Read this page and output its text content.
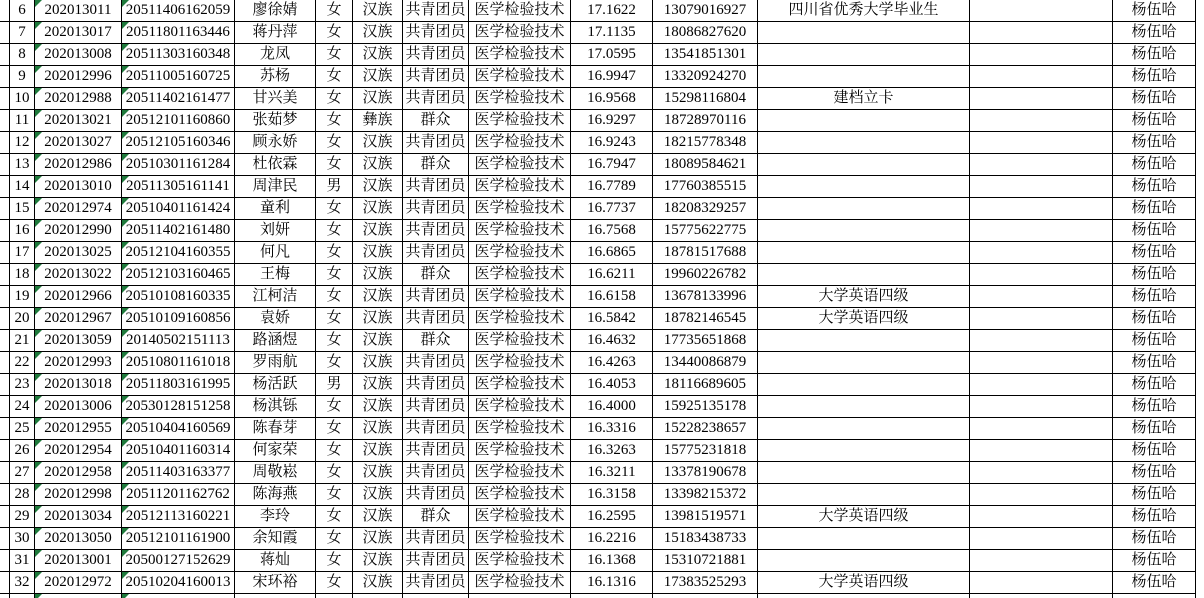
6 202013011 20511406162059 廖徐婧 女 汉族 共青团员 医学检验技术 17.1622 13079016927	四川省优秀大学毕业生	杨伍哈
7 202013017 20511801163446 蒋丹萍 女 汉族 共青团员 医学检验技术 17.1135 18086827620	杨伍哈
8 202013008 20511303160348 龙凤 女 汉族 共青团员 医学检验技术 17.0595 13541851301	杨伍哈
9 202012996 20511005160725 苏杨 女 汉族 共青团员 医学检验技术 16.9947 13320924270	杨伍哈
10 202012988 20511402161477 甘兴美 女 汉族 共青团员 医学检验技术 16.9568 15298116804	建档立卡	杨伍哈
11 202013021 20512101160860 张茹梦 女 彝族 群众 医学检验技术 16.9297 18728970116	杨伍哈
12 202013027 20512105160346 顾永娇 女 汉族 共青团员 医学检验技术 16.9243 18215778348	杨伍哈
13 202012986 20510301161284 杜依霖 女 汉族 群众 医学检验技术 16.7947 18089584621	杨伍哈
14 202013010 20511305161141 周津民 男 汉族 共青团员 医学检验技术 16.7789 17760385515	杨伍哈
15 202012974 20510401161424 童利 女 汉族 共青团员 医学检验技术 16.7737 18208329257	杨伍哈
16 202012990 20511402161480 刘妍 女 汉族 共青团员 医学检验技术 16.7568 15775622775	杨伍哈
17 202013025 20512104160355 何凡 女 汉族 共青团员 医学检验技术 16.6865 18781517688	杨伍哈
18 202013022 20512103160465 王梅 女 汉族 群众 医学检验技术 16.6211 19960226782	杨伍哈
19 202012966 20510108160335 江柯洁 女 汉族 共青团员 医学检验技术 16.6158 13678133996	大学英语四级	杨伍哈
20 202012967 20510109160856 袁娇 女 汉族 共青团员 医学检验技术 16.5842 18782146545	大学英语四级	杨伍哈
21 202013059 20140502151113 路涵煜 女 汉族 群众 医学检验技术 16.4632 17735651868	杨伍哈
22 202012993 20510801161018 罗雨航 女 汉族 共青团员 医学检验技术 16.4263 13440086879	杨伍哈
23 202013018 20511803161995 杨活跃 男 汉族 共青团员 医学检验技术 16.4053 18116689605	杨伍哈
24 202013006 20530128151258 杨淇铄 女 汉族 共青团员 医学检验技术 16.4000 15925135178	杨伍哈
25 202012955 20510404160569 陈春芽 女 汉族 共青团员 医学检验技术 16.3316 15228238657	杨伍哈
26 202012954 20510401160314 何家荣 女 汉族 共青团员 医学检验技术 16.3263 15775231818	杨伍哈
27 202012958 20511403163377 周敬崧 女 汉族 共青团员 医学检验技术 16.3211 13378190678	杨伍哈
28 202012998 20511201162762 陈海燕 女 汉族 共青团员 医学检验技术 16.3158 13398215372	杨伍哈
29 202013034 20512113160221 李玲 女 汉族 群众 医学检验技术 16.2595 13981519571	大学英语四级	杨伍哈
30 202013050 20512101161900 余知霞 女 汉族 共青团员 医学检验技术 16.2216 15183438733	杨伍哈
31 202013001 20500127152629 蒋灿 女 汉族 共青团员 医学检验技术 16.1368 15310721881	杨伍哈
32 202012972 20510204160013 宋环裕 女 汉族 共青团员 医学检验技术 16.1316 17383525293	大学英语四级	杨伍哈
